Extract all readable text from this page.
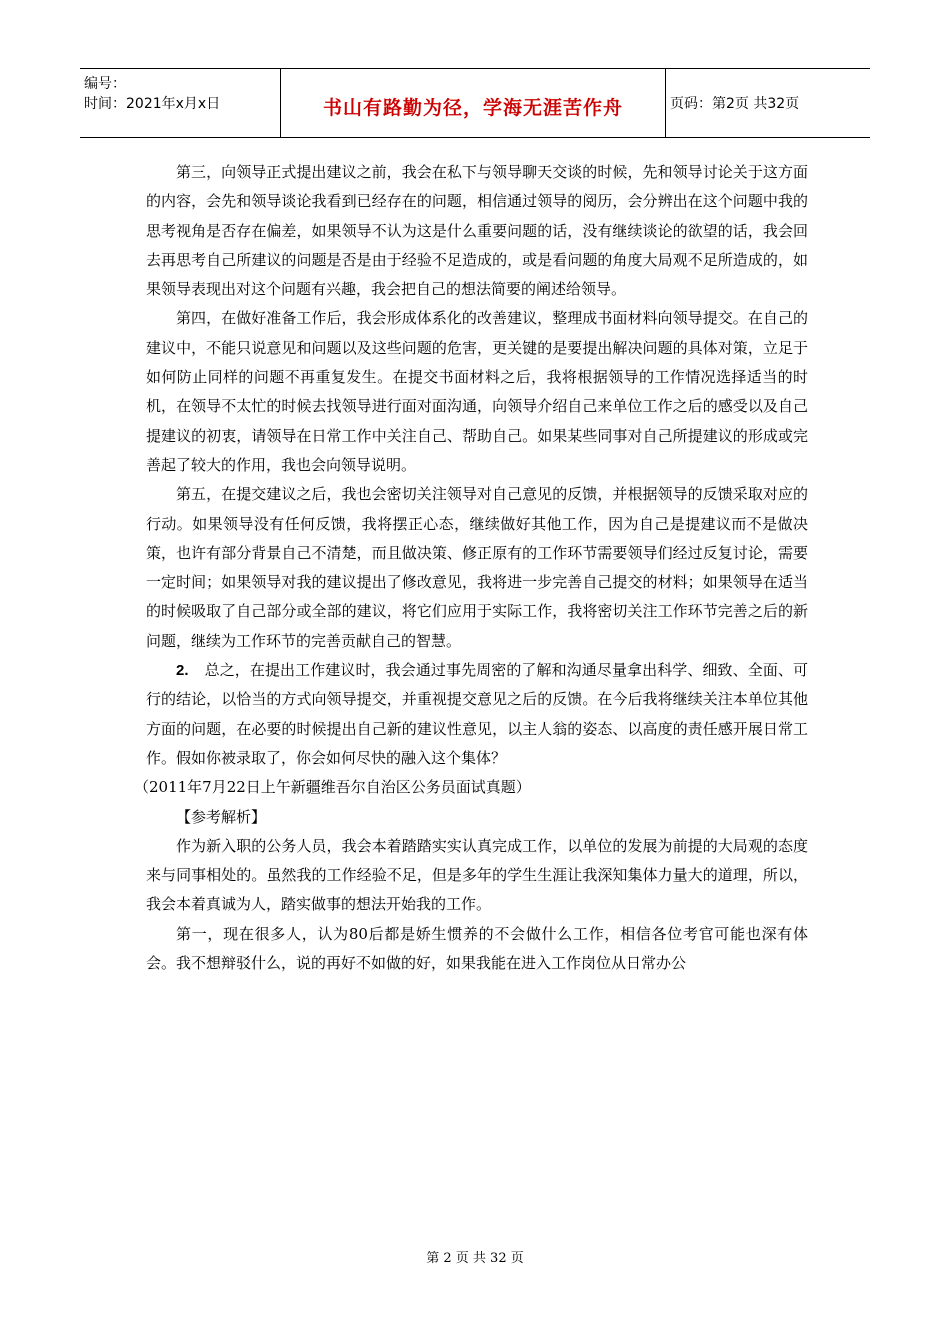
编号：
时间：2021年x月x日	书山有路勤为径，学海无涯苦作舟	页码：第2页 共32页

第三，向领导正式提出建议之前，我会在私下与领导聊天交谈的时候，先和领导讨论关于这方面的内容，会先和领导谈论我看到已经存在的问题，相信通过领导的阅历，会分辨出在这个问题中我的思考视角是否存在偏差，如果领导不认为这是什么重要问题的话，没有继续谈论的欲望的话，我会回去再思考自己所建议的问题是否是由于经验不足造成的，或是看问题的角度大局观不足所造成的，如果领导表现出对这个问题有兴趣，我会把自己的想法简要的阐述给领导。

第四，在做好准备工作后，我会形成体系化的改善建议，整理成书面材料向领导提交。在自己的建议中，不能只说意见和问题以及这些问题的危害，更关键的是要提出解决问题的具体对策，立足于如何防止同样的问题不再重复发生。在提交书面材料之后，我将根据领导的工作情况选择适当的时机，在领导不太忙的时候去找领导进行面对面沟通，向领导介绍自己来单位工作之后的感受以及自己提建议的初衷，请领导在日常工作中关注自己、帮助自己。如果某些同事对自己所提建议的形成或完善起了较大的作用，我也会向领导说明。

第五，在提交建议之后，我也会密切关注领导对自己意见的反馈，并根据领导的反馈采取对应的行动。如果领导没有任何反馈，我将摆正心态，继续做好其他工作，因为自己是提建议而不是做决策，也许有部分背景自己不清楚，而且做决策、修正原有的工作环节需要领导们经过反复讨论，需要一定时间；如果领导对我的建议提出了修改意见，我将进一步完善自己提交的材料；如果领导在适当的时候吸取了自己部分或全部的建议，将它们应用于实际工作，我将密切关注工作环节完善之后的新问题，继续为工作环节的完善贡献自己的智慧。

2. 总之，在提出工作建议时，我会通过事先周密的了解和沟通尽量拿出科学、细致、全面、可行的结论，以恰当的方式向领导提交，并重视提交意见之后的反馈。在今后我将继续关注本单位其他方面的问题，在必要的时候提出自己新的建议性意见，以主人翁的姿态、以高度的责任感开展日常工作。假如你被录取了，你会如何尽快的融入这个集体？

（2011年7月22日上午新疆维吾尔自治区公务员面试真题）

【参考解析】

作为新入职的公务人员，我会本着踏踏实实认真完成工作，以单位的发展为前提的大局观的态度来与同事相处的。虽然我的工作经验不足，但是多年的学生生涯让我深知集体力量大的道理，所以，我会本着真诚为人，踏实做事的想法开始我的工作。

第一，现在很多人，认为80后都是娇生惯养的不会做什么工作，相信各位考官可能也深有体会。我不想辩驳什么，说的再好不如做的好，如果我能在进入工作岗位从日常办公

第 2 页 共 32 页
